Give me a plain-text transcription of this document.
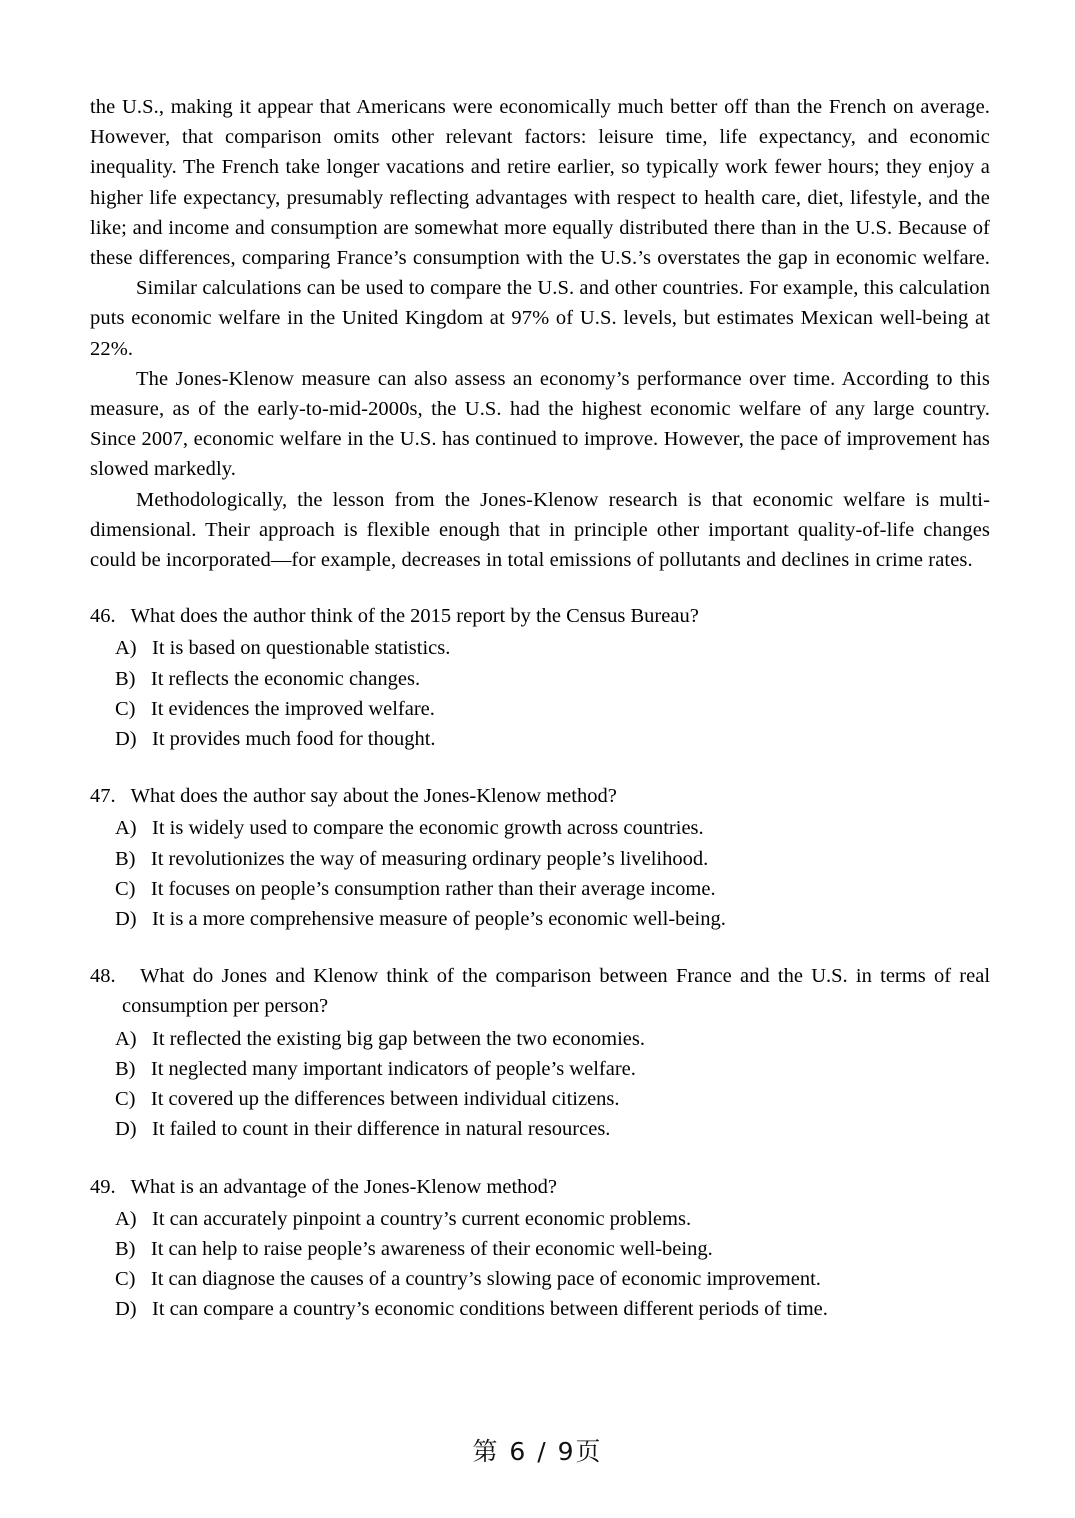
the U.S., making it appear that Americans were economically much better off than the French on average. However, that comparison omits other relevant factors: leisure time, life expectancy, and economic inequality. The French take longer vacations and retire earlier, so typically work fewer hours; they enjoy a higher life expectancy, presumably reflecting advantages with respect to health care, diet, lifestyle, and the like; and income and consumption are somewhat more equally distributed there than in the U.S. Because of these differences, comparing France’s consumption with the U.S.’s overstates the gap in economic welfare.

Similar calculations can be used to compare the U.S. and other countries. For example, this calculation puts economic welfare in the United Kingdom at 97% of U.S. levels, but estimates Mexican well-being at 22%.

The Jones-Klenow measure can also assess an economy’s performance over time. According to this measure, as of the early-to-mid-2000s, the U.S. had the highest economic welfare of any large country. Since 2007, economic welfare in the U.S. has continued to improve. However, the pace of improvement has slowed markedly.

Methodologically, the lesson from the Jones-Klenow research is that economic welfare is multi-dimensional. Their approach is flexible enough that in principle other important quality-of-life changes could be incorporated—for example, decreases in total emissions of pollutants and declines in crime rates.

46. What does the author think of the 2015 report by the Census Bureau?

A) It is based on questionable statistics.
B) It reflects the economic changes.
C) It evidences the improved welfare.
D) It provides much food for thought.

47. What does the author say about the Jones-Klenow method?

A) It is widely used to compare the economic growth across countries.
B) It revolutionizes the way of measuring ordinary people’s livelihood.
C) It focuses on people’s consumption rather than their average income.
D) It is a more comprehensive measure of people’s economic well-being.

48. What do Jones and Klenow think of the comparison between France and the U.S. in terms of real consumption per person?

A) It reflected the existing big gap between the two economies.
B) It neglected many important indicators of people’s welfare.
C) It covered up the differences between individual citizens.
D) It failed to count in their difference in natural resources.

49. What is an advantage of the Jones-Klenow method?

A) It can accurately pinpoint a country’s current economic problems.
B) It can help to raise people’s awareness of their economic well-being.
C) It can diagnose the causes of a country’s slowing pace of economic improvement.
D) It can compare a country’s economic conditions between different periods of time.
第 6 / 9页
